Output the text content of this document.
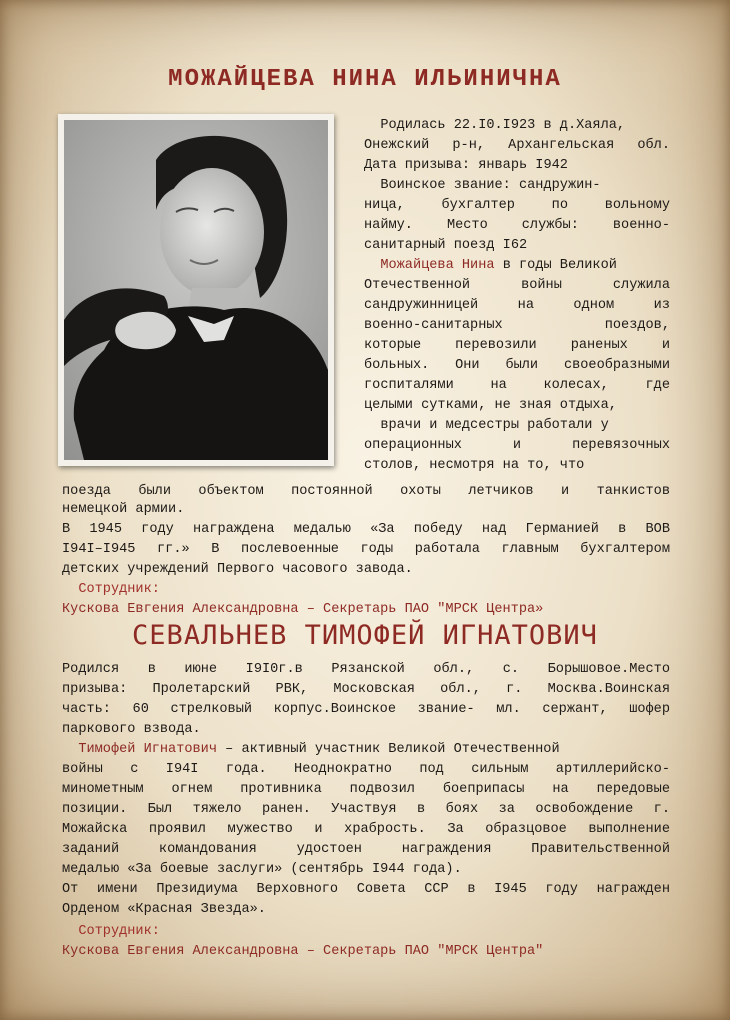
МОЖАЙЦЕВА НИНА ИЛЬИНИЧНА

Родилась 22.I0.I923 в д.Хаяла,

Онежский р-н, Архангельская обл.

Дата призыва: январь I942

Воинское звание: сандружин-

ница, бухгалтер по вольному

найму. Место службы: военно-

санитарный поезд I62

Можайцева Нина в годы Великой

Отечественной войны служила

сандружинницей на одном из

военно-санитарных поездов,

которые перевозили раненых и

больных. Они были своеобразными

госпиталями на колесах, где

целыми сутками, не зная отдыха,

врачи и медсестры работали у

операционных и перевязочных

столов, несмотря на то, что

поезда были объектом постоянной охоты летчиков и танкистов

немецкой армии.

В 1945 году награждена медалью «За победу над Германией в ВОВ

I94I–I945 гг.» В послевоенные годы работала главным бухгалтером

детских учреждений Первого часового завода.

Сотрудник:

Кускова Евгения Александровна – Секретарь ПАО "МРСК Центра»

СЕВАЛЬНЕВ ТИМОФЕЙ ИГНАТОВИЧ

Родился в июне I9I0г.в Рязанской обл., с. Борышовое.Место

призыва: Пролетарский РВК, Московская обл., г. Москва.Воинская

часть: 60 стрелковый корпус.Воинское звание- мл. сержант, шофер

паркового взвода.

Тимофей Игнатович – активный участник Великой Отечественной

войны с I94I года. Неоднократно под сильным артиллерийско-

минометным огнем противника подвозил боеприпасы на передовые

позиции. Был тяжело ранен. Участвуя в боях за освобождение г.

Можайска проявил мужество и храбрость. За образцовое выполнение

заданий командования удостоен награждения Правительственной

медалью «За боевые заслуги» (сентябрь I944 года).

От имени Президиума Верховного Совета ССР в I945 году награжден

Орденом «Красная Звезда».

Сотрудник:

Кускова Евгения Александровна – Секретарь ПАО "МРСК Центра"
